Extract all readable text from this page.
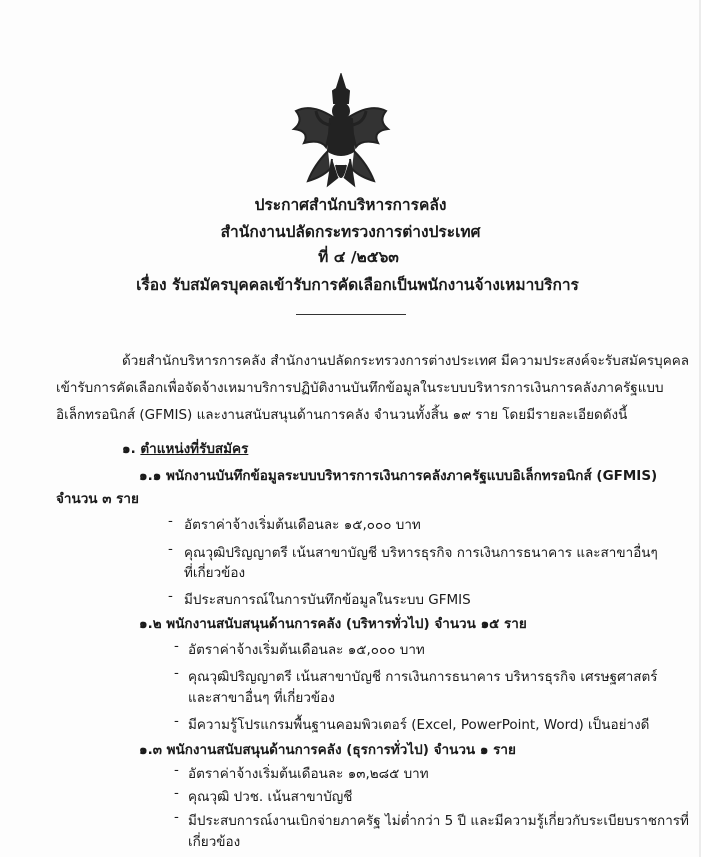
ประกาศสำนักบริหารการคลัง
สำนักงานปลัดกระทรวงการต่างประเทศ
ที่ ๔ /๒๕๖๓
เรื่อง รับสมัครบุคคลเข้ารับการคัดเลือกเป็นพนักงานจ้างเหมาบริการ
ด้วยสำนักบริหารการคลัง สำนักงานปลัดกระทรวงการต่างประเทศ มีความประสงค์จะรับสมัครบุคคล
เข้ารับการคัดเลือกเพื่อจัดจ้างเหมาบริการปฏิบัติงานบันทึกข้อมูลในระบบบริหารการเงินการคลังภาครัฐแบบ
อิเล็กทรอนิกส์ (GFMIS) และงานสนับสนุนด้านการคลัง จำนวนทั้งสิ้น ๑๙ ราย โดยมีรายละเอียดดังนี้
๑. ตำแหน่งที่รับสมัคร
๑.๑ พนักงานบันทึกข้อมูลระบบบริหารการเงินการคลังภาครัฐแบบอิเล็กทรอนิกส์ (GFMIS)
จำนวน ๓ ราย
- อัตราค่าจ้างเริ่มต้นเดือนละ ๑๕,๐๐๐ บาท
- คุณวุฒิปริญญาตรี เน้นสาขาบัญชี บริหารธุรกิจ การเงินการธนาคาร และสาขาอื่นๆ
ที่เกี่ยวข้อง
- มีประสบการณ์ในการบันทึกข้อมูลในระบบ GFMIS
๑.๒ พนักงานสนับสนุนด้านการคลัง (บริหารทั่วไป) จำนวน ๑๕ ราย
- อัตราค่าจ้างเริ่มต้นเดือนละ ๑๕,๐๐๐ บาท
- คุณวุฒิปริญญาตรี เน้นสาขาบัญชี การเงินการธนาคาร บริหารธุรกิจ เศรษฐศาสตร์
และสาขาอื่นๆ ที่เกี่ยวข้อง
- มีความรู้โปรแกรมพื้นฐานคอมพิวเตอร์ (Excel, PowerPoint, Word) เป็นอย่างดี
๑.๓ พนักงานสนับสนุนด้านการคลัง (ธุรการทั่วไป) จำนวน ๑ ราย
- อัตราค่าจ้างเริ่มต้นเดือนละ ๑๓,๒๘๕ บาท
- คุณวุฒิ ปวช. เน้นสาขาบัญชี
- มีประสบการณ์งานเบิกจ่ายภาครัฐ ไม่ต่ำกว่า 5 ปี และมีความรู้เกี่ยวกับระเบียบราชการที่
เกี่ยวข้อง
